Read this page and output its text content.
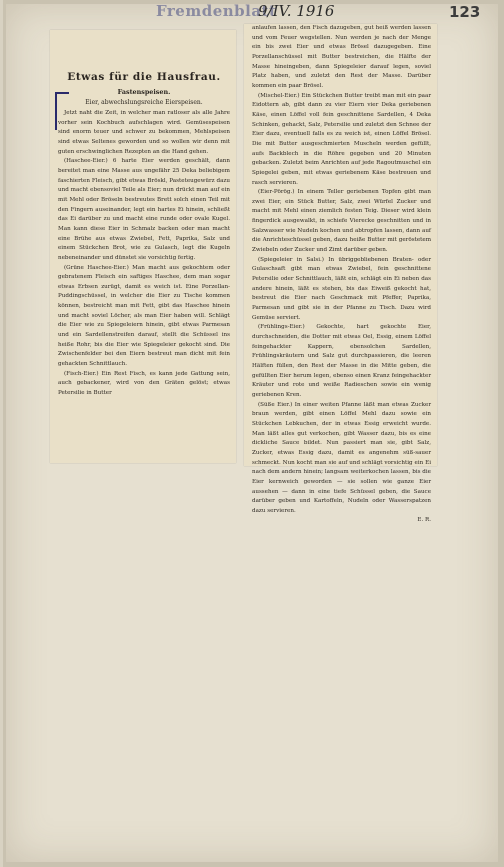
Fremdenblatt
9/IV. 1916	123
Etwas für die Hausfrau.
Fastenspeisen.
Eier, abwechslungsreiche Eierspeisen.

Jetzt naht die Zeit, in welcher man ratloser als alle Jahre vorher sein Kochbuch aufschlagen wird. Gemüsespeisen sind enorm teuer und schwer zu bekommen, Mehlspeisen sind etwas Seltenes geworden und so wollen wir denn mit guten erschwinglichen Rezepten an die Hand gehen.

(Haschee-Eier.) 6 harte Eier werden geschält, dann bereitet man eine Masse aus ungefähr 25 Deka beliebigem faschierten Fleisch, gibt etwas Bröskl, Pasteteugewürz dazu und macht ebensoviel Teile als Eier; nun drückt man auf ein mit Mehl oder Bröseln bestreutes Brett solch einen Teil mit den Fingern auseinander, legt ein hartes Ei hinein, schließt das Ei darüber zu und macht eine runde oder ovale Kugel. Man kann diese Eier in Schmalz backen oder man macht eine Brühe aus etwas Zwiebel, Fett, Paprika, Salz und einem Stückchen Brot, wie zu Gulasch, legt die Kugeln nebeneinander und dünstet sie vorsichtig fertig.

(Grüne Haschee-Eier.) Man macht aus gekochtem oder gebratenem Fleisch ein saftiges Haschee, dem man sogar etwas Erbsen zurügt, damit es weich ist. Eine Porzellan-Puddingschüssel, in welcher die Eier zu Tische kommen können, bestreicht man mit Fett, gibt das Haschee hinein und macht soviel Löcher, als man Eier haben will. Schlägt die Eier wie zu Spiegeleiern hinein, gibt etwas Parmesan und ein Sardellenstreifen darauf, stellt die Schüssel ins heiße Rohr, bis die Eier wie Spiegeleier gekocht sind. Die Zwischenfelder bei den Eiern bestreut man dicht mit fein gehackten Schnittlauch.

(Fisch-Eier.) Ein Rest Fisch, es kann jede Gattung sein, auch gebackener, wird von den Gräten gelöst; etwas Petersilie in Butter

anlaufen lassen, den Fisch dazugeben, gut heiß werden lassen und vom Feuer wegstellen. Nun werden je nach der Menge ein bis zwei Eier und etwas Brösel dazugegeben. Eine Porzellanschüssel mit Butter bestreichen, die Hälfte der Masse hineingeben, dann Spiegeleier darauf legen, soviel Platz haben, und zuletzt den Rest der Masse. Darüber kommen ein paar Brösel.

(Mischel-Eier.) Ein Stückchen Butter treibt man mit ein paar Eidottern ab, gibt dann zu vier Eiern vier Deka geriebenen Käse, einen Löffel voll fein geschnittene Sardellen, 4 Deka Schinken, gehackt, Salz, Petersilie und zuletzt den Schnee der Eier dazu, eventuell falls es zu weich ist, einen Löffel Brösel. Die mit Butter ausgeschmierten Muscheln werden gefüllt, aufs Backblech in die Röhre gegeben und 20 Minuten gebacken. Zuletzt beim Anrichten auf jede Ragoutmuschel ein Spiegelei geben, mit etwas geriebenem Käse bestreuen und rasch servieren.

(Eier-Pörög.) In einem Teller geriebenen Topfen gibt man zwei Eier, ein Stück Butter, Salz, zwei Würfel Zucker und macht mit Mehl einen ziemlich festen Teig. Dieser wird klein fingerdick ausgewalkt, in schiefe Vierecke geschnitten und in Salzwasser wie Nudeln kochen und abtropfen lassen, dann auf die Anrichteschüssel geben, dazu heiße Butter mit geröstetem Zwiebeln oder Zucker und Zimt darüber geben.

(Spiegeleier in Salsi.) In übriggebliebenen Braten- oder Gulaschsaft gibt man etwas Zwiebel, fein geschnittene Petersilie oder Schnittlauch, läßt ein, schlägt ein Ei neben das andere hinein, läßt es stehen, bis das Eiweiß gekocht hat, bestreut die Eier nach Geschmack mit Pfeffer, Paprika, Parmesan und gibt sie in der Pfanne zu Tisch. Dazu wird Gemüse serviert.

(Frühlings-Eier.) Gekochte, hart gekochte Eier, durchschneiden, die Dotter mit etwas Oel, Essig, einem Löffel feingehackter Kappern, ebensolchen Sardellen, Frühlingskräutern und Salz gut durchpassieren, die leeren Hälften füllen, den Rest der Masse in die Mitte geben, die gefüllten Eier herum legen, ebenso einen Kranz feingehackter Kräuter und rote und weiße Radieschen sowie ein wenig geriebenen Kren.

(Süße Eier.) In einer weiten Pfanne läßt man etwas Zucker braun werden, gibt einen Löffel Mehl dazu sowie ein Stückchen Lebkuchen, der in etwas Essig erweicht wurde. Man läßt alles gut verkochen, gibt Wasser dazu, bis es eine dickliche Sauce bildet. Nun passiert man sie, gibt Salz, Zucker, etwas Essig dazu, damit es angenehm süß-sauer schmeckt. Nun kocht man sie auf und schlägt vorsichtig ein Ei nach dem andern hinein; langsam weiterkochen lassen, bis die Eier kernweich geworden — sie sollen wie ganze Eier aussehen — dann in eine tiefe Schüssel geben, die Sauce darüber geben und Kartoffeln, Nudeln oder Wasserspatzen dazu servieren.

E. R.
